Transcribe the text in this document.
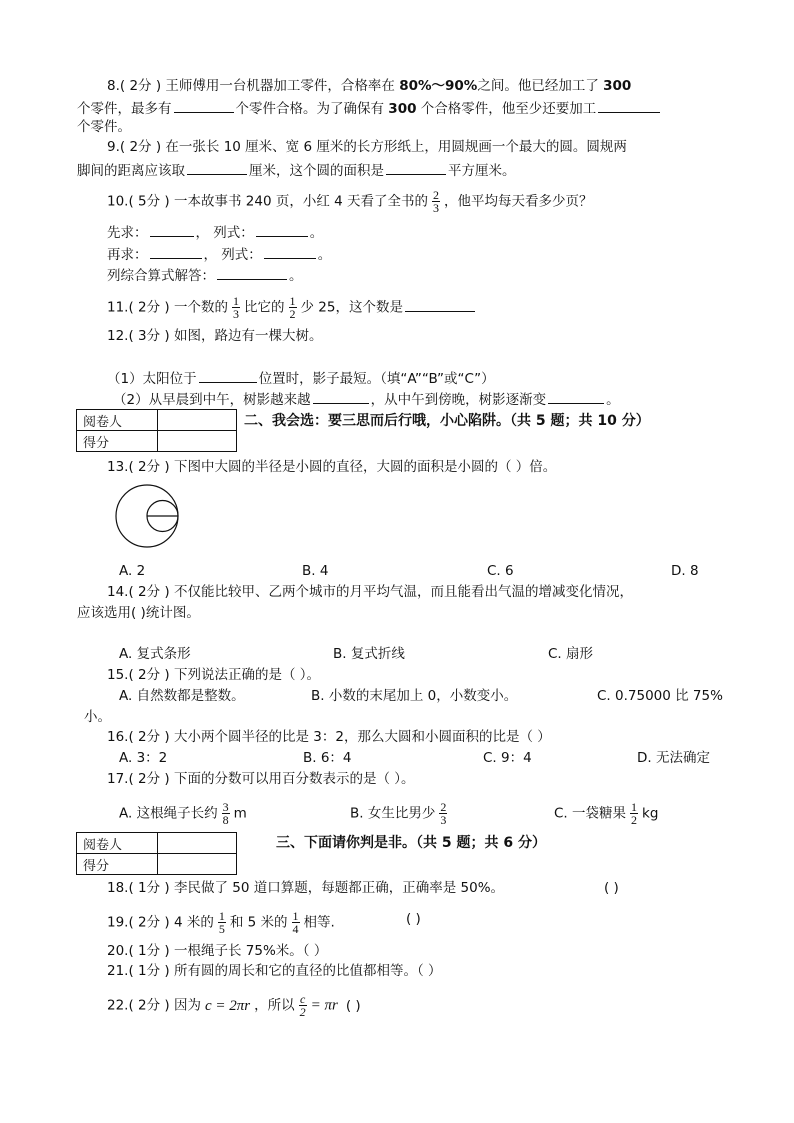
8.( 2分 ) 王师傅用一台机器加工零件，合格率在 80%～90%之间。他已经加工了 300
个零件，最多有	个零件合格。为了确保有 300 个合格零件，他至少还要加工
个零件。
9.( 2分 ) 在一张长 10 厘米、宽 6 厘米的长方形纸上，用圆规画一个最大的圆。圆规两
脚间的距离应该取	厘米，这个圆的面积是	平方厘米。
10.( 5分 ) 一本故事书 240 页，小红 4 天看了全书的 $\frac{2}{3}$ ，他平均每天看多少页？
先求：	， 列式：	。
再求：	， 列式：	。
列综合算式解答：	。
11.( 2分 ) 一个数的 $\frac{1}{3}$ 比它的 $\frac{1}{2}$ 少 25，这个数是
12.( 3分 ) 如图，路边有一棵大树。
（1）太阳位于	位置时，影子最短。（填“A”“B”或“C”）
（2）从早晨到中午，树影越来越	，从中午到傍晚，树影逐渐变	。
阅卷人	
得分	
二、我会选：要三思而后行哦，小心陷阱。（共 5 题；共 10 分）
13.( 2分 ) 下图中大圆的半径是小圆的直径，大圆的面积是小圆的（ ）倍。
A. 2	B. 4	C. 6	D. 8
14.( 2分 ) 不仅能比较甲、乙两个城市的月平均气温，而且能看出气温的增减变化情况，
应该选用( )统计图。
A. 复式条形	B. 复式折线	C. 扇形
15.( 2分 ) 下列说法正确的是（ ）。
A. 自然数都是整数。	B. 小数的末尾加上 0，小数变小。	C. 0.75000 比 75%
小。
16.( 2分 ) 大小两个圆半径的比是 3：2，那么大圆和小圆面积的比是（ ）
A. 3：2	B. 6：4	C. 9：4	D. 无法确定
17.( 2分 ) 下面的分数可以用百分数表示的是（ ）。
A. 这根绳子长约 $\frac{3}{8}$ m	B. 女生比男少 $\frac{2}{3}$	C. 一袋糖果 $\frac{1}{2}$ kg
阅卷人	
得分	
三、下面请你判是非。（共 5 题；共 6 分）
18.( 1分 ) 李民做了 50 道口算题，每题都正确，正确率是 50%。	( )
19.( 2分 ) 4 米的 $\frac{1}{5}$ 和 5 米的 $\frac{1}{4}$ 相等.	( )
20.( 1分 ) 一根绳子长 75%米。（ ）
21.( 1分 ) 所有圆的周长和它的直径的比值都相等。（ ）
22.( 2分 ) 因为 c = 2πr ，所以 $\frac{c}{2} = \pi r$ ( )
